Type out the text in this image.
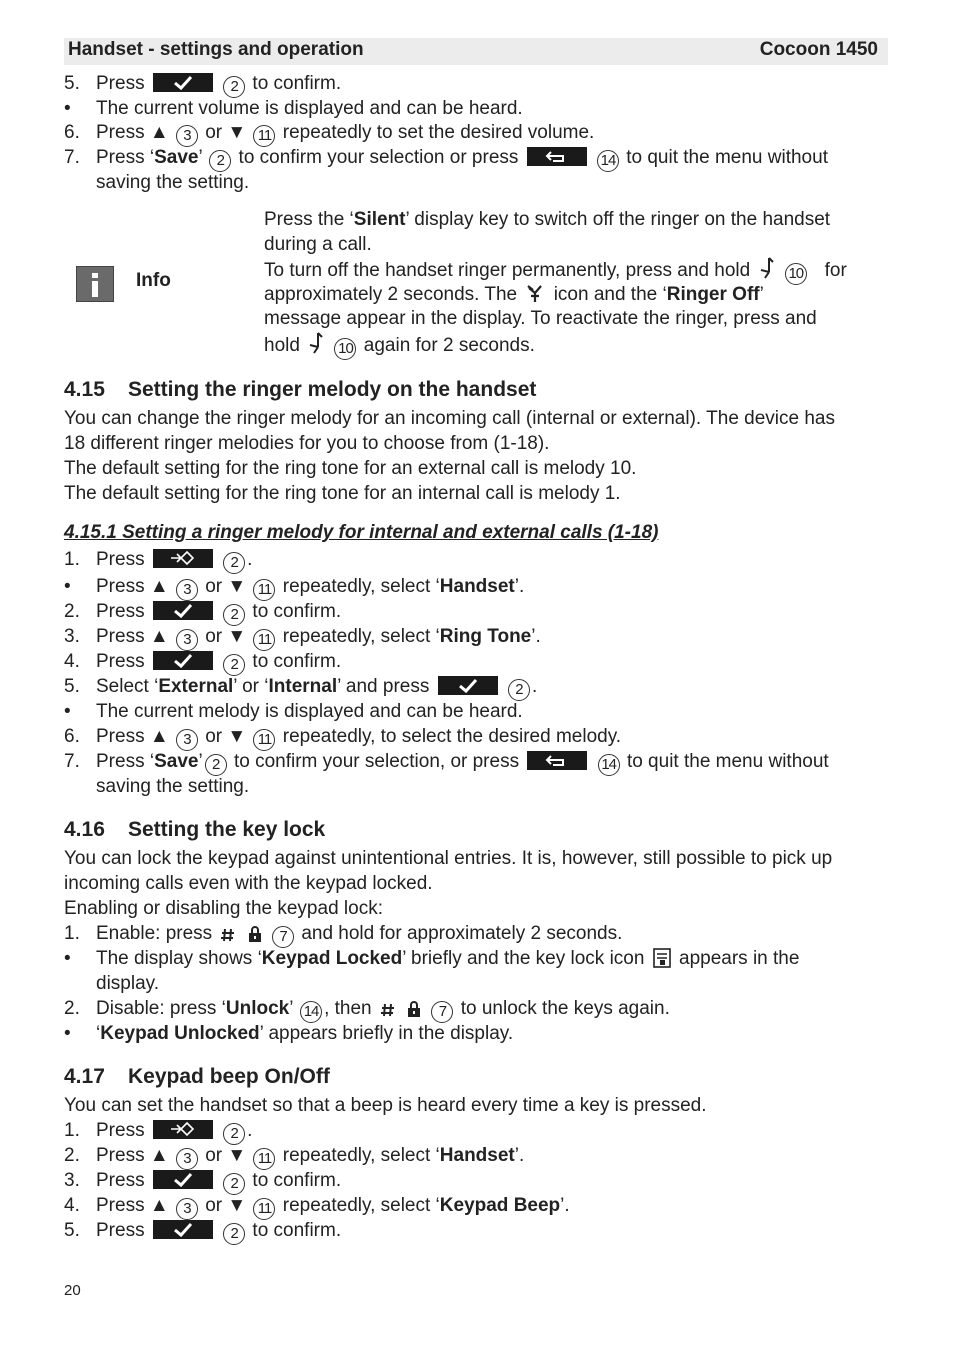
Handset - settings and operation	Cocoon 1450
5. Press	2 to confirm.
• The current volume is displayed and can be heard.
6. Press ▲ 3 or ▼ 11 repeatedly to set the desired volume.
7. Press ‘Save’ 2 to confirm your selection or press	14 to quit the menu without
saving the setting.
Info
Press the ‘Silent’ display key to switch off the ringer on the handset
during a call.
To turn off the handset ringer permanently, press and hold	10 for
approximately 2 seconds. The icon and the ‘Ringer Off’
message appear in the display. To reactivate the ringer, press and
hold	10 again for 2 seconds.
4.15 Setting the ringer melody on the handset
You can change the ringer melody for an incoming call (internal or external). The device has
18 different ringer melodies for you to choose from (1-18).
The default setting for the ring tone for an external call is melody 10.
The default setting for the ring tone for an internal call is melody 1.
4.15.1 Setting a ringer melody for internal and external calls (1-18)
1. Press	2 .
• Press ▲ 3 or ▼ 11 repeatedly, select ‘Handset’.
2. Press	2 to confirm.
3. Press ▲ 3 or ▼ 11 repeatedly, select ‘Ring Tone’.
4. Press	2 to confirm.
5. Select ‘External’ or ‘Internal’ and press	2 .
• The current melody is displayed and can be heard.
6. Press ▲ 3 or ▼ 11 repeatedly, to select the desired melody.
7. Press ‘Save’ 2 to confirm your selection, or press	14 to quit the menu without
saving the setting.
4.16 Setting the key lock
You can lock the keypad against unintentional entries. It is, however, still possible to pick up
incoming calls even with the keypad locked.
Enabling or disabling the keypad lock:
1. Enable: press	7 and hold for approximately 2 seconds.
• The display shows ‘Keypad Locked’ briefly and the key lock icon appears in the
display.
2. Disable: press ‘Unlock’ 14 , then	7 to unlock the keys again.
• ‘Keypad Unlocked’ appears briefly in the display.
4.17 Keypad beep On/Off
You can set the handset so that a beep is heard every time a key is pressed.
1. Press	2 .
2. Press ▲ 3 or ▼ 11 repeatedly, select ‘Handset’.
3. Press	2 to confirm.
4. Press ▲ 3 or ▼ 11 repeatedly, select ‘Keypad Beep’.
5. Press	2 to confirm.
20
